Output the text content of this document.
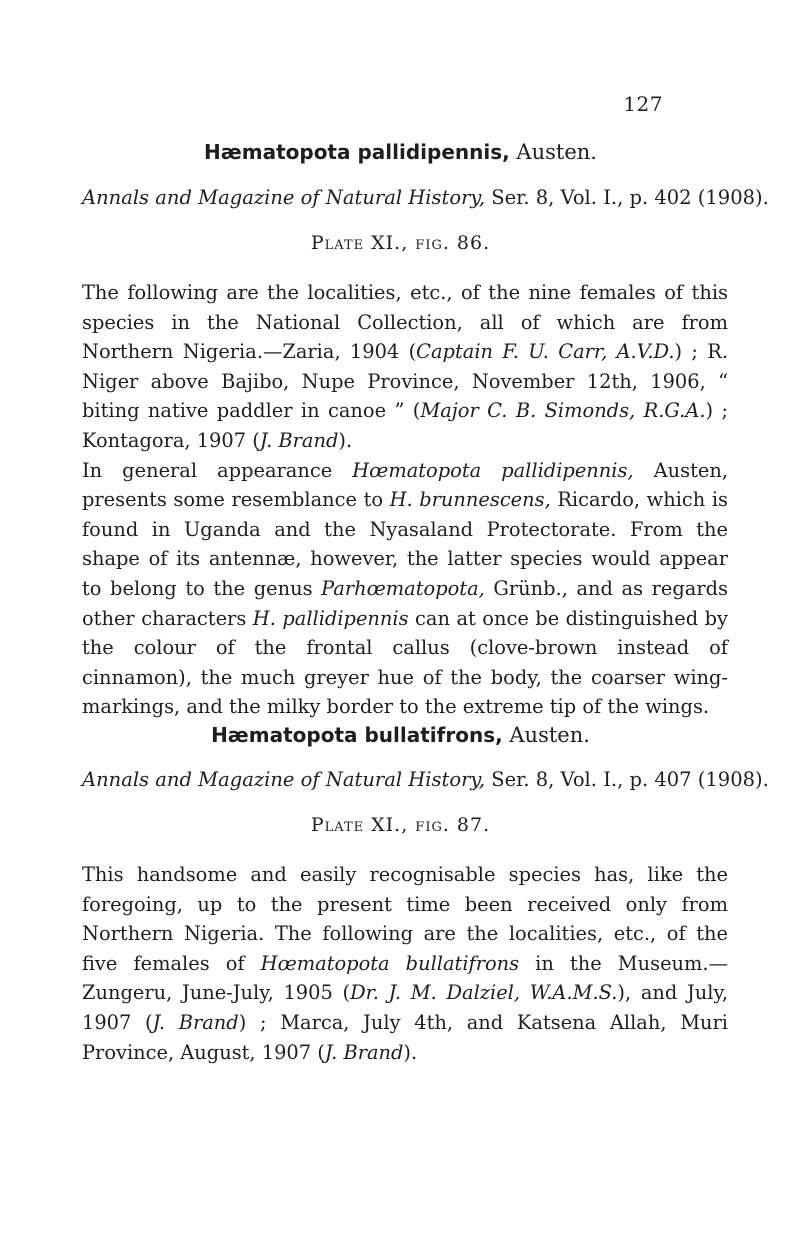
127
Hæmatopota pallidipennis, Austen.
Annals and Magazine of Natural History, Ser. 8, Vol. I., p. 402 (1908).
Plate XI., fig. 86.

The following are the localities, etc., of the nine females of this species in the National Collection, all of which are from Northern Nigeria.—Zaria, 1904 (Captain F. U. Carr, A.V.D.) ; R. Niger above Bajibo, Nupe Province, November 12th, 1906, “ biting native paddler in canoe ” (Major C. B. Simonds, R.G.A.) ; Kontagora, 1907 (J. Brand).

In general appearance Hœmatopota pallidipennis, Austen, presents some resemblance to H. brunnescens, Ricardo, which is found in Uganda and the Nyasaland Protectorate. From the shape of its antennæ, however, the latter species would appear to belong to the genus Parhœmatopota, Grünb., and as regards other characters H. pallidipennis can at once be distinguished by the colour of the frontal callus (clove-brown instead of cinnamon), the much greyer hue of the body, the coarser wing-markings, and the milky border to the extreme tip of the wings.

Hæmatopota bullatifrons, Austen.
Annals and Magazine of Natural History, Ser. 8, Vol. I., p. 407 (1908).
Plate XI., fig. 87.

This handsome and easily recognisable species has, like the foregoing, up to the present time been received only from Northern Nigeria. The following are the localities, etc., of the five females of Hœmatopota bullatifrons in the Museum.—Zungeru, June-July, 1905 (Dr. J. M. Dalziel, W.A.M.S.), and July, 1907 (J. Brand) ; Marca, July 4th, and Katsena Allah, Muri Province, August, 1907 (J. Brand).
